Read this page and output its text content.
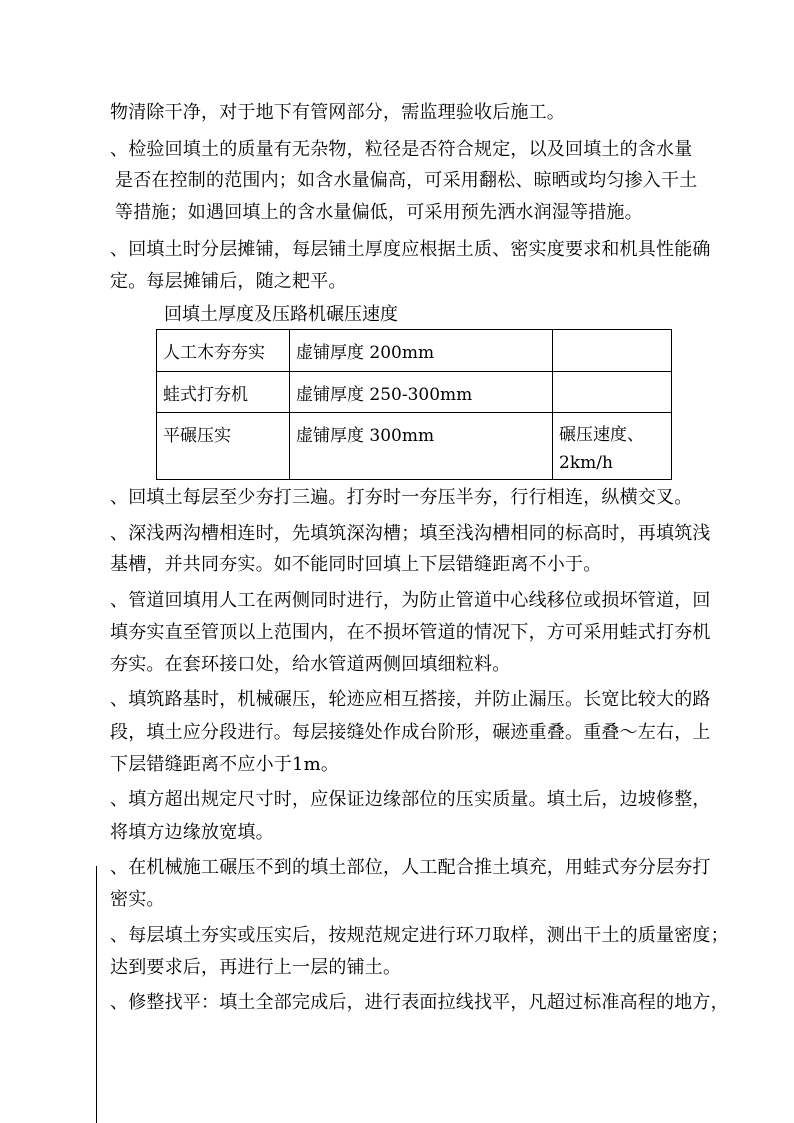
物清除干净，对于地下有管网部分，需监理验收后施工。
、检验回填土的质量有无杂物，粒径是否符合规定，以及回填土的含水量
是否在控制的范围内；如含水量偏高，可采用翻松、晾晒或均匀掺入干土
等措施；如遇回填上的含水量偏低，可采用预先洒水润湿等措施。
、回填土时分层摊铺，每层铺土厚度应根据土质、密实度要求和机具性能确
定。每层摊铺后，随之耙平。
回填土厚度及压路机碾压速度
人工木夯夯实	虚铺厚度 200mm	
蛙式打夯机	虚铺厚度 250-300mm	
平碾压实	虚铺厚度 300mm	碾压速度、2km/h
、回填土每层至少夯打三遍。打夯时一夯压半夯，行行相连，纵横交叉。
、深浅两沟槽相连时，先填筑深沟槽；填至浅沟槽相同的标高时，再填筑浅
基槽，并共同夯实。如不能同时回填上下层错缝距离不小于。
、管道回填用人工在两侧同时进行，为防止管道中心线移位或损坏管道，回
填夯实直至管顶以上范围内，在不损坏管道的情况下，方可采用蛙式打夯机
夯实。在套环接口处，给水管道两侧回填细粒料。
、填筑路基时，机械碾压，轮迹应相互搭接，并防止漏压。长宽比较大的路
段，填土应分段进行。每层接缝处作成台阶形，碾迹重叠。重叠～左右，上
下层错缝距离不应小于1m。
、填方超出规定尺寸时，应保证边缘部位的压实质量。填土后，边坡修整，
将填方边缘放宽填。
、在机械施工碾压不到的填土部位，人工配合推土填充，用蛙式夯分层夯打
密实。
、每层填土夯实或压实后，按规范规定进行环刀取样，测出干土的质量密度；
达到要求后，再进行上一层的铺土。
、修整找平：填土全部完成后，进行表面拉线找平，凡超过标准高程的地方，
